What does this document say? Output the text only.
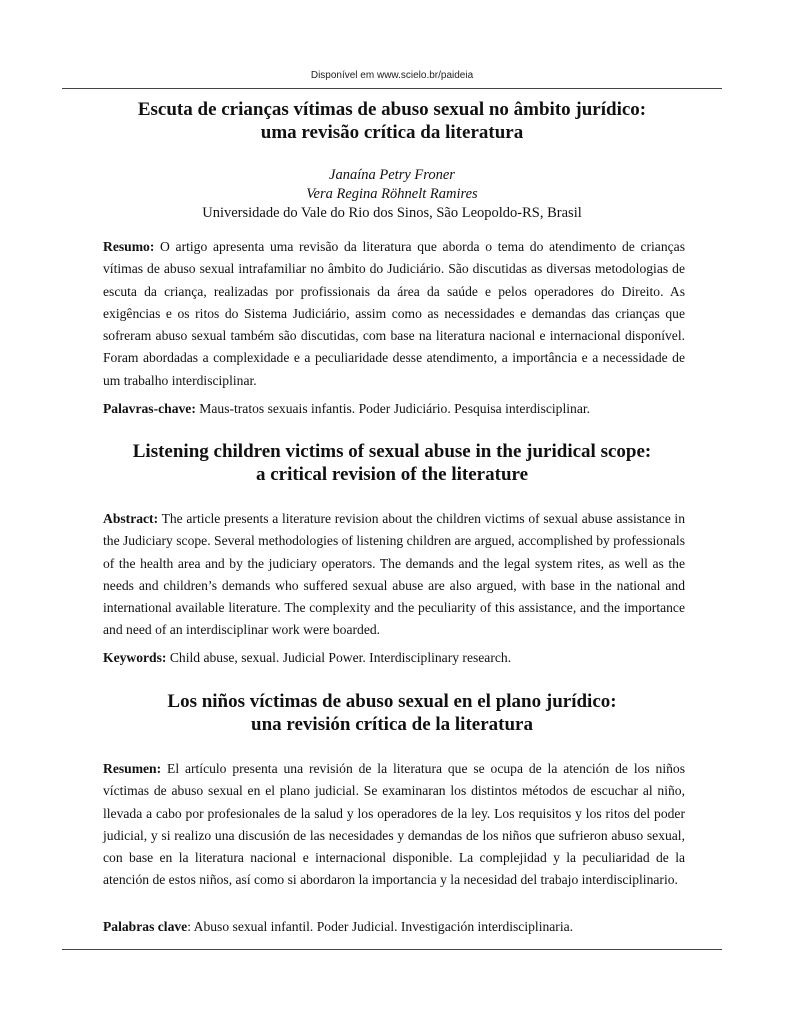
Disponível em www.scielo.br/paideia
Escuta de crianças vítimas de abuso sexual no âmbito jurídico:
uma revisão crítica da literatura
Janaína Petry Froner
Vera Regina Röhnelt Ramires
Universidade do Vale do Rio dos Sinos, São Leopoldo-RS, Brasil
Resumo: O artigo apresenta uma revisão da literatura que aborda o tema do atendimento de crianças vítimas de abuso sexual intrafamiliar no âmbito do Judiciário. São discutidas as diversas metodologias de escuta da criança, realizadas por profissionais da área da saúde e pelos operadores do Direito. As exigências e os ritos do Sistema Judiciário, assim como as necessidades e demandas das crianças que sofreram abuso sexual também são discutidas, com base na literatura nacional e internacional disponível. Foram abordadas a complexidade e a peculiaridade desse atendimento, a importância e a necessidade de um trabalho interdisciplinar.
Palavras-chave: Maus-tratos sexuais infantis. Poder Judiciário. Pesquisa interdisciplinar.
Listening children victims of sexual abuse in the juridical scope:
a critical revision of the literature
Abstract: The article presents a literature revision about the children victims of sexual abuse assistance in the Judiciary scope. Several methodologies of listening children are argued, accomplished by professionals of the health area and by the judiciary operators. The demands and the legal system rites, as well as the needs and children’s demands who suffered sexual abuse are also argued, with base in the national and international available literature. The complexity and the peculiarity of this assistance, and the importance and need of an interdisciplinar work were boarded.
Keywords: Child abuse, sexual. Judicial Power. Interdisciplinary research.
Los niños víctimas de abuso sexual en el plano jurídico:
una revisión crítica de la literatura
Resumen: El artículo presenta una revisión de la literatura que se ocupa de la atención de los niños víctimas de abuso sexual en el plano judicial. Se examinaran los distintos métodos de escuchar al niño, llevada a cabo por profesionales de la salud y los operadores de la ley. Los requisitos y los ritos del poder judicial, y si realizo una discusión de las necesidades y demandas de los niños que sufrieron abuso sexual, con base en la literatura nacional e internacional disponible. La complejidad y la peculiaridad de la atención de estos niños, así como si abordaron la importancia y la necesidad del trabajo interdisciplinario.
Palabras clave: Abuso sexual infantil. Poder Judicial. Investigación interdisciplinaria.
